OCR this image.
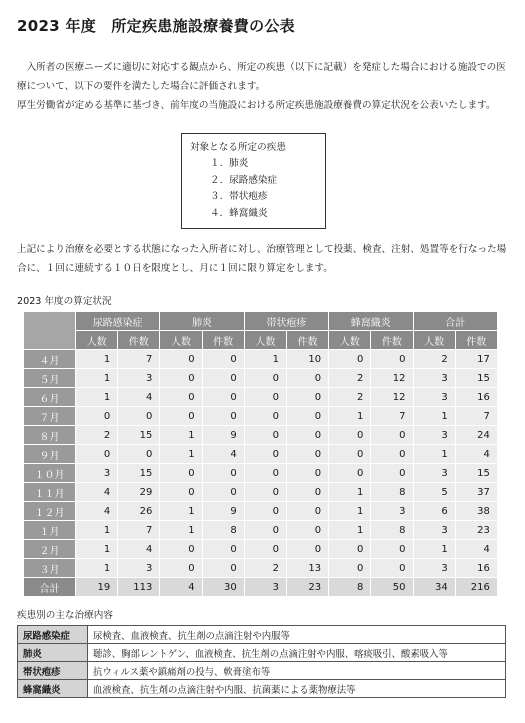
2023 年度　所定疾患施設療養費の公表

　入所者の医療ニーズに適切に対応する観点から、所定の疾患（以下に記載）を発症した場合における施設での医療について、以下の要件を満たした場合に評価されます。

厚生労働省が定める基準に基づき、前年度の当施設における所定疾患施設療養費の算定状況を公表いたします。

対象となる所定の疾患
１．肺炎
２．尿路感染症
３．帯状疱疹
４．蜂窩織炎

上記により治療を必要とする状態になった入所者に対し、治療管理として投薬、検査、注射、処置等を行なった場合に、１回に連続する１０日を限度とし、月に１回に限り算定をします。

2023 年度の算定状況
	尿路感染症		肺炎		帯状疱疹		蜂窩織炎		合計	
	人数	件数	人数	件数	人数	件数	人数	件数	人数	件数
４月	1	7	0	0	1	10	0	0	2	17
５月	1	3	0	0	0	0	2	12	3	15
６月	1	4	0	0	0	0	2	12	3	16
７月	0	0	0	0	0	0	1	7	1	7
８月	2	15	1	9	0	0	0	0	3	24
９月	0	0	1	4	0	0	0	0	1	4
１０月	3	15	0	0	0	0	0	0	3	15
１１月	4	29	0	0	0	0	1	8	5	37
１２月	4	26	1	9	0	0	1	3	6	38
１月	1	7	1	8	0	0	1	8	3	23
２月	1	4	0	0	0	0	0	0	1	4
３月	1	3	0	0	2	13	0	0	3	16
合計	19	113	4	30	3	23	8	50	34	216
疾患別の主な治療内容
尿路感染症	尿検査、血液検査、抗生剤の点滴注射や内服等
肺炎	聴診、胸部レントゲン、血液検査、抗生剤の点滴注射や内服、喀痰吸引、酸素吸入等
帯状疱疹	抗ウィルス薬や鎮痛剤の投与、軟膏塗布等
蜂窩織炎	血液検査、抗生剤の点滴注射や内服、抗菌薬による薬物療法等
